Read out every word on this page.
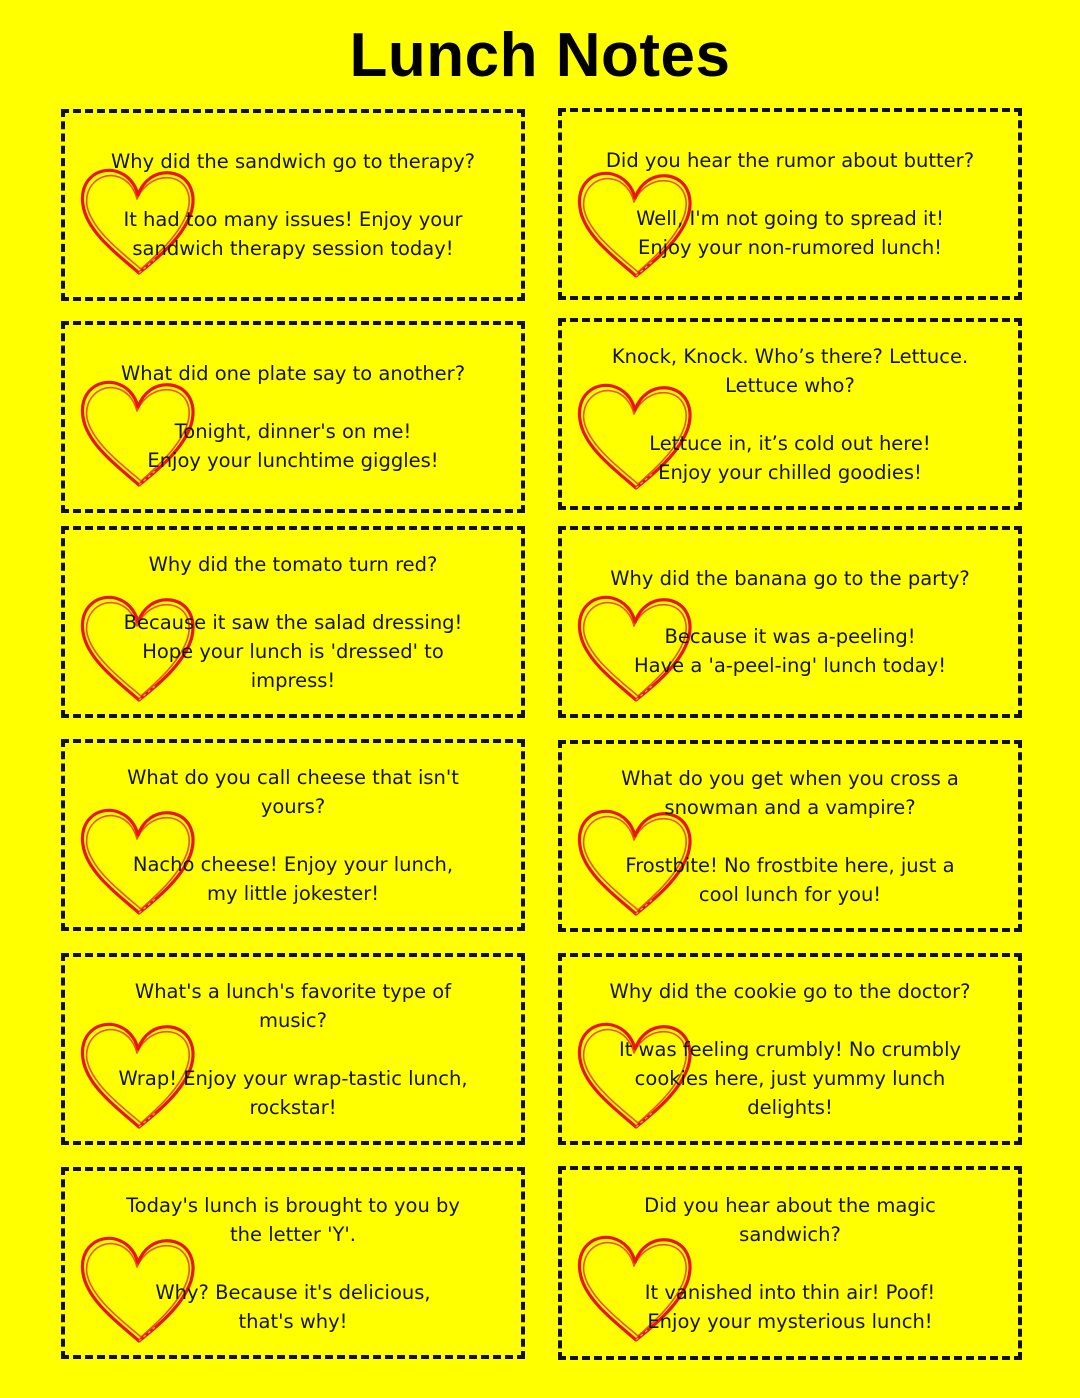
Lunch Notes

Why did the sandwich go to therapy?

It had too many issues! Enjoy your
sandwich therapy session today!

Did you hear the rumor about butter?

Well, I'm not going to spread it!
Enjoy your non-rumored lunch!

What did one plate say to another?

Tonight, dinner's on me!
Enjoy your lunchtime giggles!

Knock, Knock. Who’s there? Lettuce.
Lettuce who?

Lettuce in, it’s cold out here!
Enjoy your chilled goodies!

Why did the tomato turn red?

Because it saw the salad dressing!
Hope your lunch is 'dressed' to
impress!

Why did the banana go to the party?

Because it was a-peeling!
Have a 'a-peel-ing' lunch today!

What do you call cheese that isn't
yours?

Nacho cheese! Enjoy your lunch,
my little jokester!

What do you get when you cross a
snowman and a vampire?

Frostbite! No frostbite here, just a
cool lunch for you!

What's a lunch's favorite type of
music?

Wrap! Enjoy your wrap-tastic lunch,
rockstar!

Why did the cookie go to the doctor?

It was feeling crumbly! No crumbly
cookies here, just yummy lunch
delights!

Today's lunch is brought to you by
the letter 'Y'.

Why? Because it's delicious,
that's why!

Did you hear about the magic
sandwich?

It vanished into thin air! Poof!
Enjoy your mysterious lunch!
